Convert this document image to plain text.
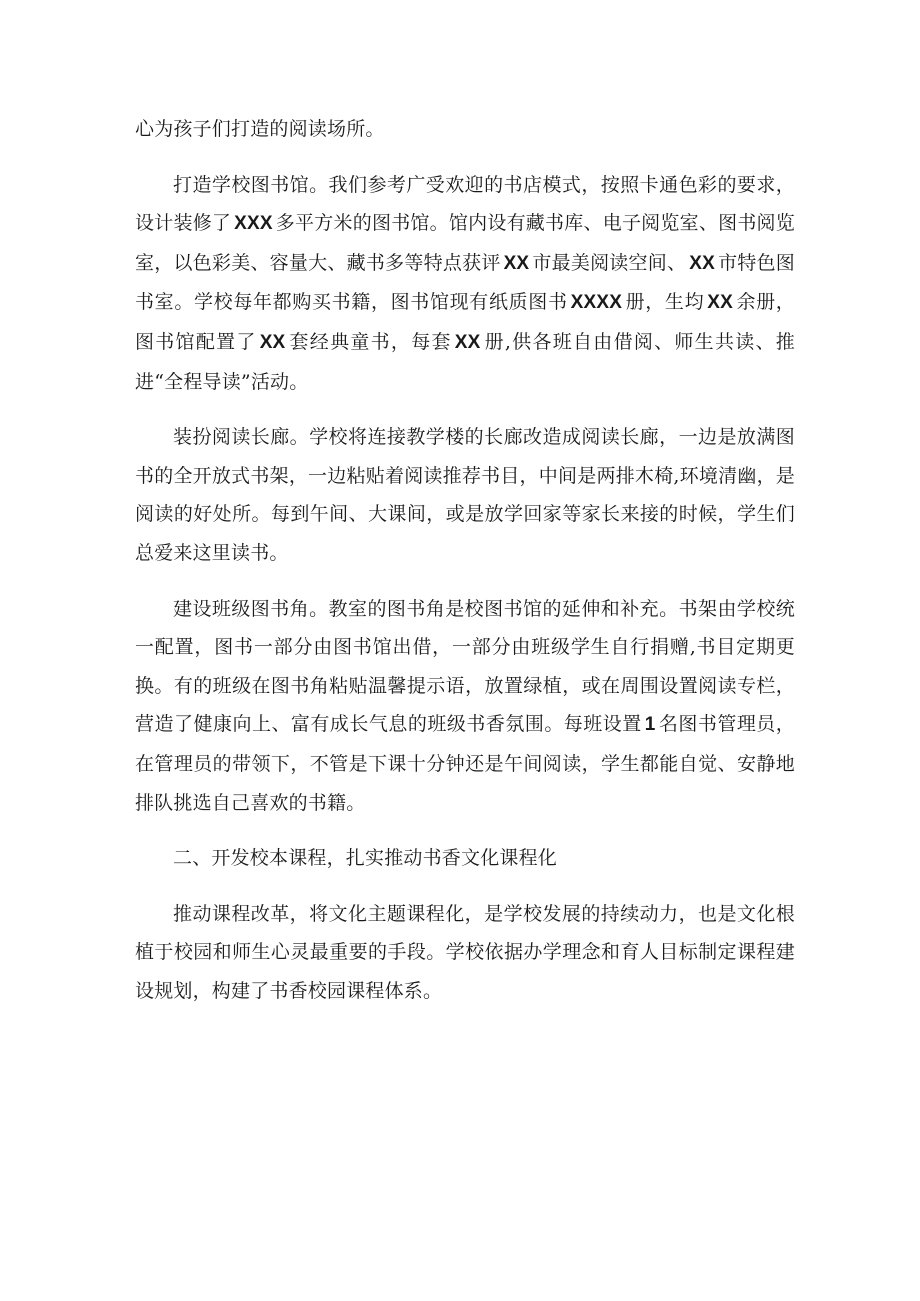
心为孩子们打造的阅读场所。

打造学校图书馆。我们参考广受欢迎的书店模式，按照卡通色彩的要求，设计装修了 XXX 多平方米的图书馆。馆内设有藏书库、电子阅览室、图书阅览室，以色彩美、容量大、藏书多等特点获评 XX 市最美阅读空间、 XX 市特色图书室。学校每年都购买书籍，图书馆现有纸质图书 XXXX 册，生均 XX 余册，图书馆配置了 XX 套经典童书，每套 XX 册,供各班自由借阅、师生共读、推进“全程导读”活动。

装扮阅读长廊。学校将连接教学楼的长廊改造成阅读长廊，一边是放满图书的全开放式书架，一边粘贴着阅读推荐书目，中间是两排木椅,环境清幽，是阅读的好处所。每到午间、大课间，或是放学回家等家长来接的时候，学生们总爱来这里读书。

建设班级图书角。教室的图书角是校图书馆的延伸和补充。书架由学校统一配置，图书一部分由图书馆出借，一部分由班级学生自行捐赠,书目定期更换。有的班级在图书角粘贴温馨提示语，放置绿植，或在周围设置阅读专栏，营造了健康向上、富有成长气息的班级书香氛围。每班设置 1 名图书管理员，在管理员的带领下，不管是下课十分钟还是午间阅读，学生都能自觉、安静地排队挑选自己喜欢的书籍。

二、开发校本课程，扎实推动书香文化课程化

推动课程改革，将文化主题课程化，是学校发展的持续动力，也是文化根植于校园和师生心灵最重要的手段。学校依据办学理念和育人目标制定课程建设规划，构建了书香校园课程体系。
